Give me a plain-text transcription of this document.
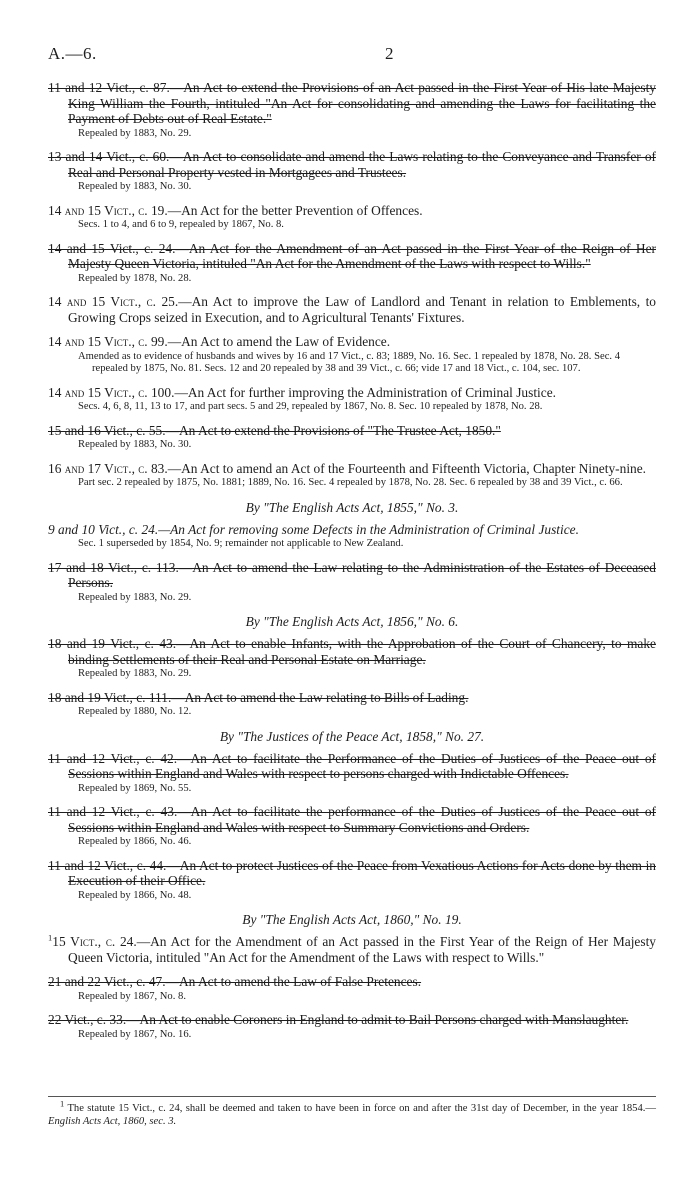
A.—6.	2
11 and 12 Vict., c. 87.—An Act to extend the Provisions of an Act passed in the First Year of His late Majesty King William the Fourth, intituled "An Act for consolidating and amending the Laws for facilitating the Payment of Debts out of Real Estate."
Repealed by 1883, No. 29.
13 and 14 Vict., c. 60.—An Act to consolidate and amend the Laws relating to the Conveyance and Transfer of Real and Personal Property vested in Mortgagees and Trustees.
Repealed by 1883, No. 30.
14 and 15 Vict., c. 19.—An Act for the better Prevention of Offences.
Secs. 1 to 4, and 6 to 9, repealed by 1867, No. 8.
14 and 15 Vict., c. 24.—An Act for the Amendment of an Act passed in the First Year of the Reign of Her Majesty Queen Victoria, intituled "An Act for the Amendment of the Laws with respect to Wills."
Repealed by 1878, No. 28.
14 and 15 Vict., c. 25.—An Act to improve the Law of Landlord and Tenant in relation to Emblements, to Growing Crops seized in Execution, and to Agricultural Tenants' Fixtures.
14 and 15 Vict., c. 99.—An Act to amend the Law of Evidence.
Amended as to evidence of husbands and wives by 16 and 17 Vict., c. 83; 1889, No. 16. Sec. 1 repealed by 1878, No. 28. Sec. 4 repealed by 1875, No. 81. Secs. 12 and 20 repealed by 38 and 39 Vict., c. 66; vide 17 and 18 Vict., c. 104, sec. 107.
14 and 15 Vict., c. 100.—An Act for further improving the Administration of Criminal Justice.
Secs. 4, 6, 8, 11, 13 to 17, and part secs. 5 and 29, repealed by 1867, No. 8. Sec. 10 repealed by 1878, No. 28.
15 and 16 Vict., c. 55.—An Act to extend the Provisions of "The Trustee Act, 1850."
Repealed by 1883, No. 30.
16 and 17 Vict., c. 83.—An Act to amend an Act of the Fourteenth and Fifteenth Victoria, Chapter Ninety-nine.
Part sec. 2 repealed by 1875, No. 1881; 1889, No. 16. Sec. 4 repealed by 1878, No. 28. Sec. 6 repealed by 38 and 39 Vict., c. 66.
By "The English Acts Act, 1855," No. 3.
9 and 10 Vict., c. 24.—An Act for removing some Defects in the Administration of Criminal Justice.
Sec. 1 superseded by 1854, No. 9; remainder not applicable to New Zealand.
17 and 18 Vict., c. 113.—An Act to amend the Law relating to the Administration of the Estates of Deceased Persons.
Repealed by 1883, No. 29.
By "The English Acts Act, 1856," No. 6.
18 and 19 Vict., c. 43.—An Act to enable Infants, with the Approbation of the Court of Chancery, to make binding Settlements of their Real and Personal Estate on Marriage.
Repealed by 1883, No. 29.
18 and 19 Vict., c. 111.—An Act to amend the Law relating to Bills of Lading.
Repealed by 1880, No. 12.
By "The Justices of the Peace Act, 1858," No. 27.
11 and 12 Vict., c. 42.—An Act to facilitate the Performance of the Duties of Justices of the Peace out of Sessions within England and Wales with respect to persons charged with Indictable Offences.
Repealed by 1869, No. 55.
11 and 12 Vict., c. 43.—An Act to facilitate the performance of the Duties of Justices of the Peace out of Sessions within England and Wales with respect to Summary Convictions and Orders.
Repealed by 1866, No. 46.
11 and 12 Vict., c. 44.—An Act to protect Justices of the Peace from Vexatious Actions for Acts done by them in Execution of their Office.
Repealed by 1866, No. 48.
By "The English Acts Act, 1860," No. 19.
$^1$15 Vict., c. 24.—An Act for the Amendment of an Act passed in the First Year of the Reign of Her Majesty Queen Victoria, intituled "An Act for the Amendment of the Laws with respect to Wills."
21 and 22 Vict., c. 47.—An Act to amend the Law of False Pretences.
Repealed by 1867, No. 8.
22 Vict., c. 33.—An Act to enable Coroners in England to admit to Bail Persons charged with Manslaughter.
Repealed by 1867, No. 16.
$^1$ The statute 15 Vict., c. 24, shall be deemed and taken to have been in force on and after the 31st day of December, in the year 1854.—English Acts Act, 1860, sec. 3.
